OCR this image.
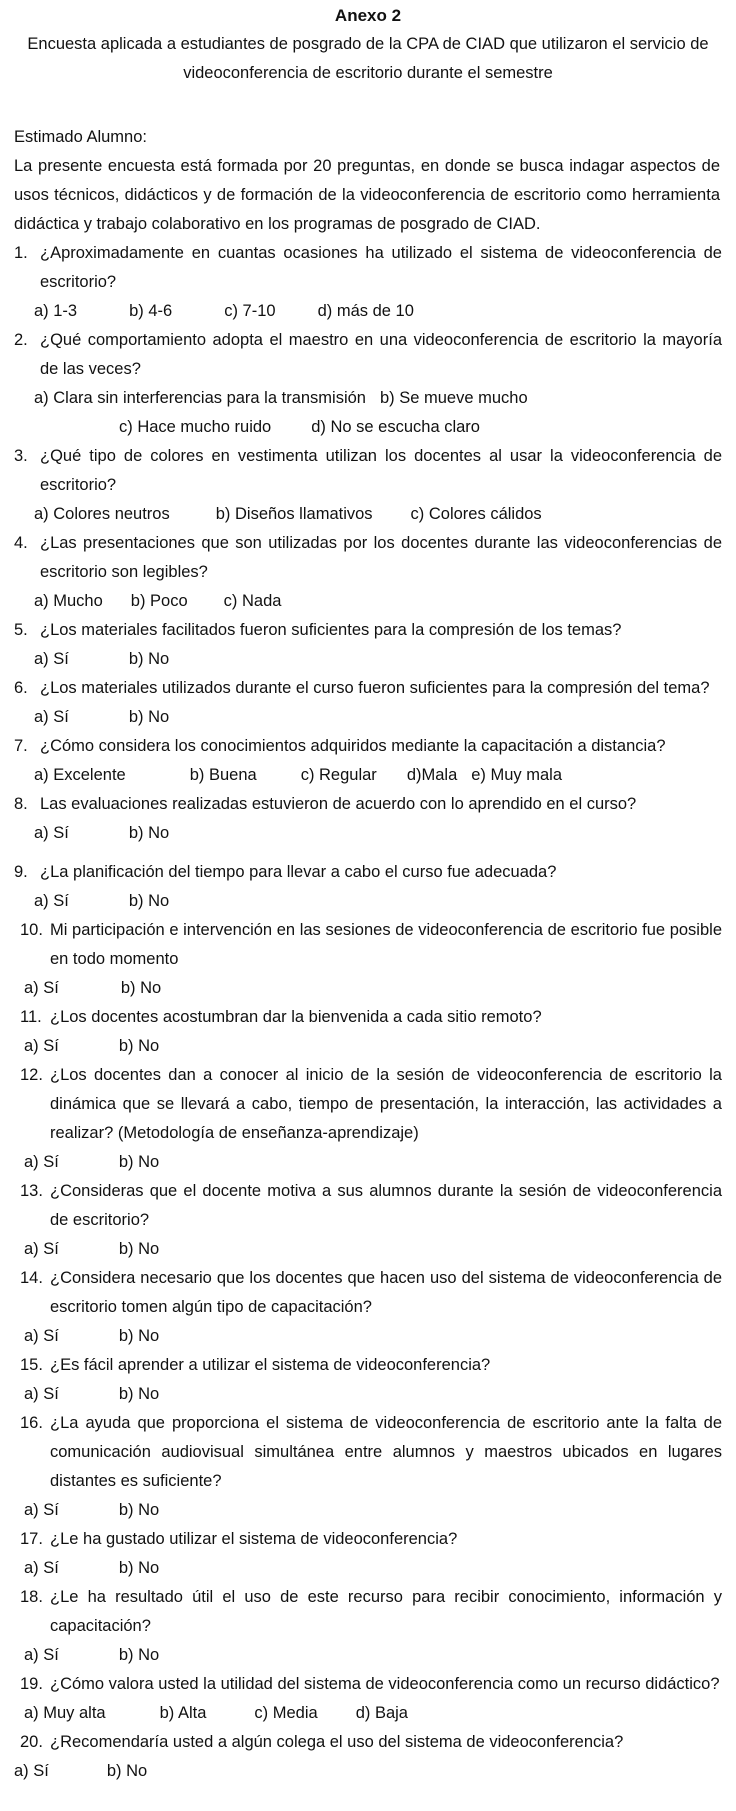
Anexo 2
Encuesta aplicada a estudiantes de posgrado de la CPA de CIAD que utilizaron el servicio de videoconferencia de escritorio durante el semestre
Estimado Alumno:
La presente encuesta está formada por 20 preguntas, en donde se busca indagar aspectos de usos técnicos, didácticos y de formación de la videoconferencia de escritorio como herramienta didáctica y trabajo colaborativo en los programas de posgrado de CIAD.
1. ¿Aproximadamente en cuantas ocasiones ha utilizado el sistema de videoconferencia de escritorio?
a) 1-3	b) 4-6	c) 7-10	d) más de 10
2. ¿Qué comportamiento adopta el maestro en una videoconferencia de escritorio la mayoría de las veces?
a) Clara sin interferencias para la transmisión b) Se mueve mucho
c) Hace mucho ruido d) No se escucha claro
3. ¿Qué tipo de colores en vestimenta utilizan los docentes al usar la videoconferencia de escritorio?
a) Colores neutros	b) Diseños llamativos c) Colores cálidos
4. ¿Las presentaciones que son utilizadas por los docentes durante las videoconferencias de escritorio son legibles?
a) Mucho b) Poco c) Nada
5. ¿Los materiales facilitados fueron suficientes para la compresión de los temas?
a) Sí	b) No
6. ¿Los materiales utilizados durante el curso fueron suficientes para la compresión del tema?
a) Sí	b) No
7. ¿Cómo considera los conocimientos adquiridos mediante la capacitación a distancia?
a) Excelente	b) Buena	c) Regular d)Mala e) Muy mala
8. Las evaluaciones realizadas estuvieron de acuerdo con lo aprendido en el curso?
a) Sí	b) No
9. ¿La planificación del tiempo para llevar a cabo el curso fue adecuada?
a) Sí	b) No
10. Mi participación e intervención en las sesiones de videoconferencia de escritorio fue posible en todo momento
a) Sí	b) No
11. ¿Los docentes acostumbran dar la bienvenida a cada sitio remoto?
a) Sí	b) No
12. ¿Los docentes dan a conocer al inicio de la sesión de videoconferencia de escritorio la dinámica que se llevará a cabo, tiempo de presentación, la interacción, las actividades a realizar? (Metodología de enseñanza-aprendizaje)
a) Sí	b) No
13. ¿Consideras que el docente motiva a sus alumnos durante la sesión de videoconferencia de escritorio?
a) Sí	b) No
14. ¿Considera necesario que los docentes que hacen uso del sistema de videoconferencia de escritorio tomen algún tipo de capacitación?
a) Sí	b) No
15. ¿Es fácil aprender a utilizar el sistema de videoconferencia?
a) Sí	b) No
16. ¿La ayuda que proporciona el sistema de videoconferencia de escritorio ante la falta de comunicación audiovisual simultánea entre alumnos y maestros ubicados en lugares distantes es suficiente?
a) Sí	b) No
17. ¿Le ha gustado utilizar el sistema de videoconferencia?
a) Sí	b) No
18. ¿Le ha resultado útil el uso de este recurso para recibir conocimiento, información y capacitación?
a) Sí	b) No
19. ¿Cómo valora usted la utilidad del sistema de videoconferencia como un recurso didáctico?
a) Muy alta	b) Alta	c) Media d) Baja
20. ¿Recomendaría usted a algún colega el uso del sistema de videoconferencia?
a) Sí	b) No
